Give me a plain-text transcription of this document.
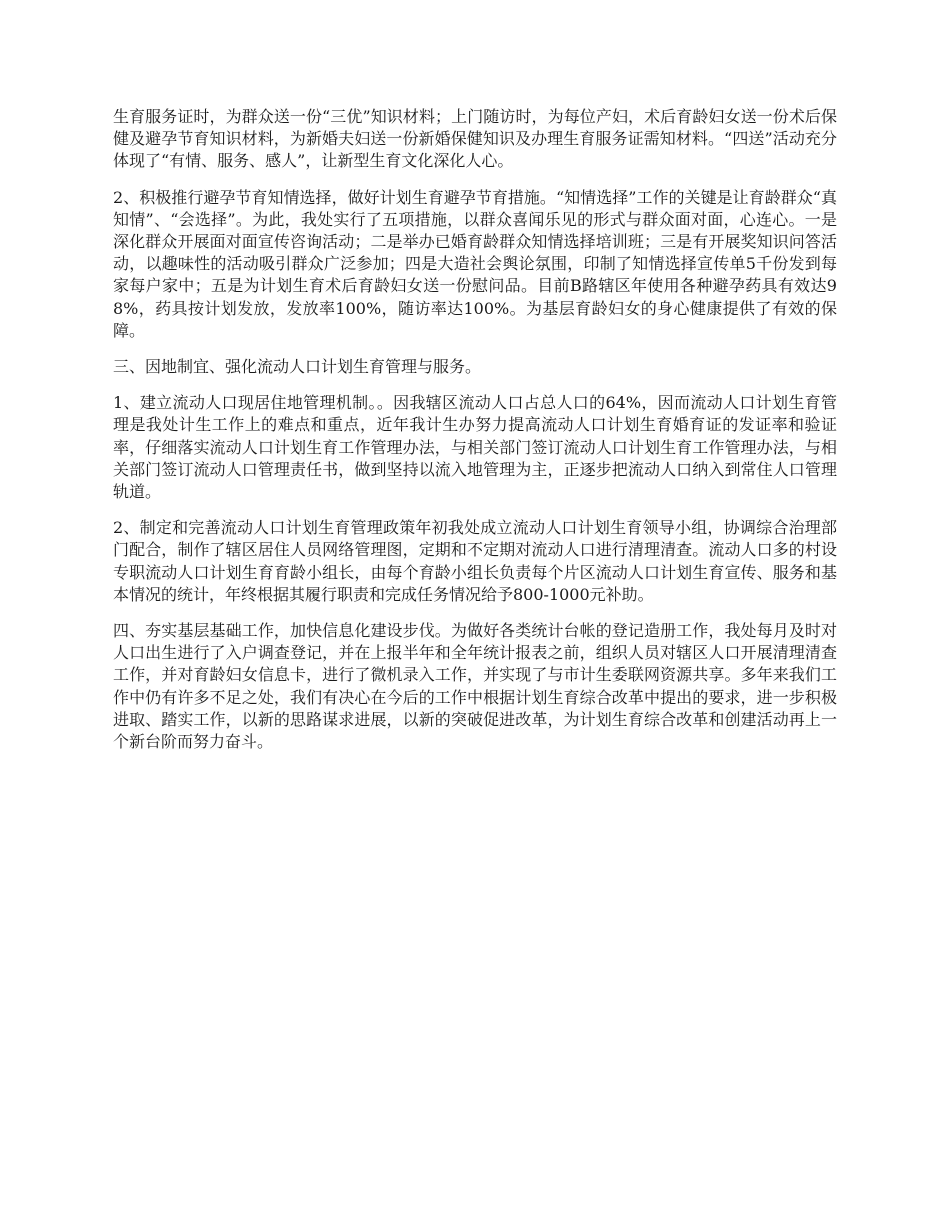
生育服务证时，为群众送一份“三优”知识材料；上门随访时，为每位产妇，术后育龄妇女送一份术后保健及避孕节育知识材料，为新婚夫妇送一份新婚保健知识及办理生育服务证需知材料。“四送”活动充分体现了“有情、服务、感人”，让新型生育文化深化人心。

2、积极推行避孕节育知情选择，做好计划生育避孕节育措施。“知情选择”工作的关键是让育龄群众“真知情”、“会选择”。为此，我处实行了五项措施，以群众喜闻乐见的形式与群众面对面，心连心。一是深化群众开展面对面宣传咨询活动；二是举办已婚育龄群众知情选择培训班；三是有开展奖知识问答活动，以趣味性的活动吸引群众广泛参加；四是大造社会舆论氛围，印制了知情选择宣传单5千份发到每家每户家中；五是为计划生育术后育龄妇女送一份慰问品。目前B路辖区年使用各种避孕药具有效达98%，药具按计划发放，发放率100%，随访率达100%。为基层育龄妇女的身心健康提供了有效的保障。

三、因地制宜、强化流动人口计划生育管理与服务。

1、建立流动人口现居住地管理机制。。因我辖区流动人口占总人口的64%，因而流动人口计划生育管理是我处计生工作上的难点和重点，近年我计生办努力提高流动人口计划生育婚育证的发证率和验证率，仔细落实流动人口计划生育工作管理办法，与相关部门签订流动人口计划生育工作管理办法，与相关部门签订流动人口管理责任书，做到坚持以流入地管理为主，正逐步把流动人口纳入到常住人口管理轨道。

2、制定和完善流动人口计划生育管理政策年初我处成立流动人口计划生育领导小组，协调综合治理部门配合，制作了辖区居住人员网络管理图，定期和不定期对流动人口进行清理清查。流动人口多的村设专职流动人口计划生育育龄小组长，由每个育龄小组长负责每个片区流动人口计划生育宣传、服务和基本情况的统计，年终根据其履行职责和完成任务情况给予800-1000元补助。

四、夯实基层基础工作，加快信息化建设步伐。为做好各类统计台帐的登记造册工作，我处每月及时对人口出生进行了入户调查登记，并在上报半年和全年统计报表之前，组织人员对辖区人口开展清理清查工作，并对育龄妇女信息卡，进行了微机录入工作，并实现了与市计生委联网资源共享。多年来我们工作中仍有许多不足之处，我们有决心在今后的工作中根据计划生育综合改革中提出的要求，进一步积极进取、踏实工作，以新的思路谋求进展，以新的突破促进改革，为计划生育综合改革和创建活动再上一个新台阶而努力奋斗。
